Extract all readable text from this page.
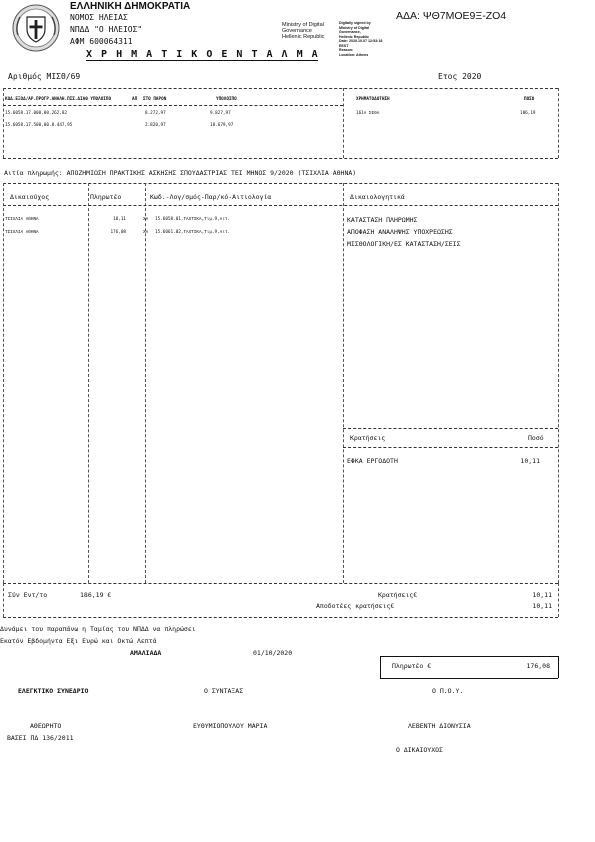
ΕΛΛΗΝΙΚΗ ΔΗΜΟΚΡΑΤΙΑ
ΝΟΜΟΣ ΗΛΕΙΑΣ
ΝΠΔΔ "Ο ΗΛΕΙΟΣ"
ΑΦΜ 600064311
Χ Ρ Η Μ Α Τ Ι Κ Ο Ε Ν Τ Α Λ Μ Α
Ministry of Digital
Governance
Hellenic Republic
Digitally signed by
Ministry of Digital
Governance,
Hellenic Republic
Date: 2020.10.07 12:53:18
EEST
Reason:
Location: Athens
ΑΔΑ: ΨΘ7ΜΟΕ9Ξ-ΖΟ4
Αριθμός ΜΙΣΘ/69	Ετος 2020
ΚΩΔ.ΕΞΟΔ/ΑΡ.ΠΡΟΓΡ.ΑΝΑΛΗ.ΠΙΣ.ΔΙΑΘ ΥΠΟΛΟΙΠΟ	ΑΠ ΣΤΟ ΠΑΡΟΝ	ΥΠΟΛΟΙΠΟ	ΧΡΗΜΑΤΟΔΟΤΗΣΗ	ΠΟΣΟ
15.6058.17.000,00.262,82	8.272,97	9.827,97
15.6058.17.500,00.8.447,95	2.820,97	10.679,97
161Α ΣΕΘΑ	186,19
Αιτία πληρωμής: ΑΠΟΖΗΜΙΩΣΗ ΠΡΑΚΤΙΚΗΣ ΑΣΚΗΣΗΣ ΣΠΟΥΔΑΣΤΡΙΑΣ ΤΕΙ ΜΗΝΟΣ 9/2020 (ΤΣΙΧΛΙΑ ΑΘΗΝΑ)
Δικαιούχος	Πληρωτέο	Κωδ.-Λογ/σμός-Παρ/κό-Αιτιολογία	Δικαιολογητικά
ΤΣΙΧΛΙΑ ΑΘΗΝΑ	10,11	ΧΑ 15.6058.01,ΤΑΧΤΙΚΑ,Τιμ.9,Αιτ.
ΤΣΙΧΛΙΑ ΑΘΗΝΑ	176,08	ΧΑ 15.6061.02,ΤΑΧΤΙΚΑ,Τιμ.9,Αιτ.
ΚΑΤΑΣΤΑΣΗ ΠΛΗΡΩΜΗΣ
ΑΠΟΦΑΣΗ ΑΝΑΛΗΨΗΣ ΥΠΟΧΡΕΩΣΗΣ
ΜΙΣΘΟΛΟΓΙΚΗ/ΕΣ ΚΑΤΑΣΤΑΣΗ/ΣΕΙΣ
Κρατήσεις	Ποσό
ΕΦΚΑ ΕΡΓΟΔΟΤΗ	10,11
Σύν Εντ/το	186,19 €	Κρατήσεις€	10,11
Αποδοτέες κρατήσεις€	10,11
Δυνάμει του παραπάνω η Ταμίας του ΝΠΔΔ να πληρώσει
Εκατόν Εβδομήντα Εξι Ευρώ και Οκτώ Λεπτά
ΑΜΑΛΙΑΔΑ	01/10/2020
Πληρωτέο €	176,08
ΕΛΕΓΚΤΙΚΟ ΣΥΝΕΔΡΙΟ	Ο ΣΥΝΤΑΞΑΣ	Ο Π.Ο.Υ.
ΑΘΕΩΡΗΤΟ	ΕΥΘΥΜΙΟΠΟΥΛΟΥ ΜΑΡΙΑ	ΛΕΒΕΝΤΗ ΔΙΟΝΥΣΙΑ
ΒΑΣΕΙ ΠΔ 136/2011
Ο ΔΙΚΑΙΟΥΧΟΣ
